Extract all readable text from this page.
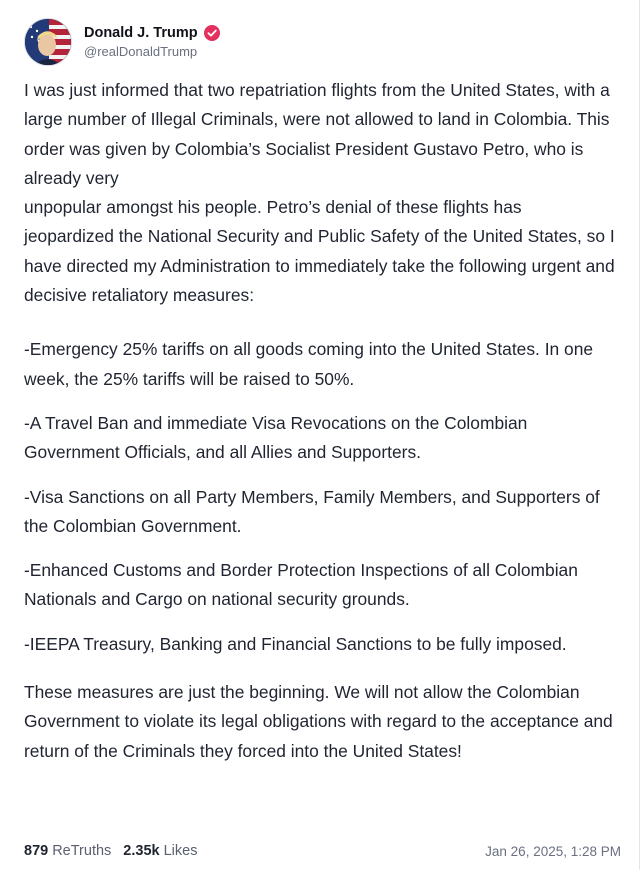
Donald J. Trump
@realDonaldTrump

I was just informed that two repatriation flights from the United States, with a large number of Illegal Criminals, were not allowed to land in Colombia. This order was given by Colombia’s Socialist President Gustavo Petro, who is already very

unpopular amongst his people. Petro’s denial of these flights has jeopardized the National Security and Public Safety of the United States, so I have directed my Administration to immediately take the following urgent and decisive retaliatory measures:

-Emergency 25% tariffs on all goods coming into the United States. In one week, the 25% tariffs will be raised to 50%.

-A Travel Ban and immediate Visa Revocations on the Colombian Government Officials, and all Allies and Supporters.

-Visa Sanctions on all Party Members, Family Members, and Supporters of the Colombian Government.

-Enhanced Customs and Border Protection Inspections of all Colombian Nationals and Cargo on national security grounds.

-IEEPA Treasury, Banking and Financial Sanctions to be fully imposed.

These measures are just the beginning. We will not allow the Colombian Government to violate its legal obligations with regard to the acceptance and return of the Criminals they forced into the United States!

879 ReTruths 2.35k Likes	Jan 26, 2025, 1:28 PM
